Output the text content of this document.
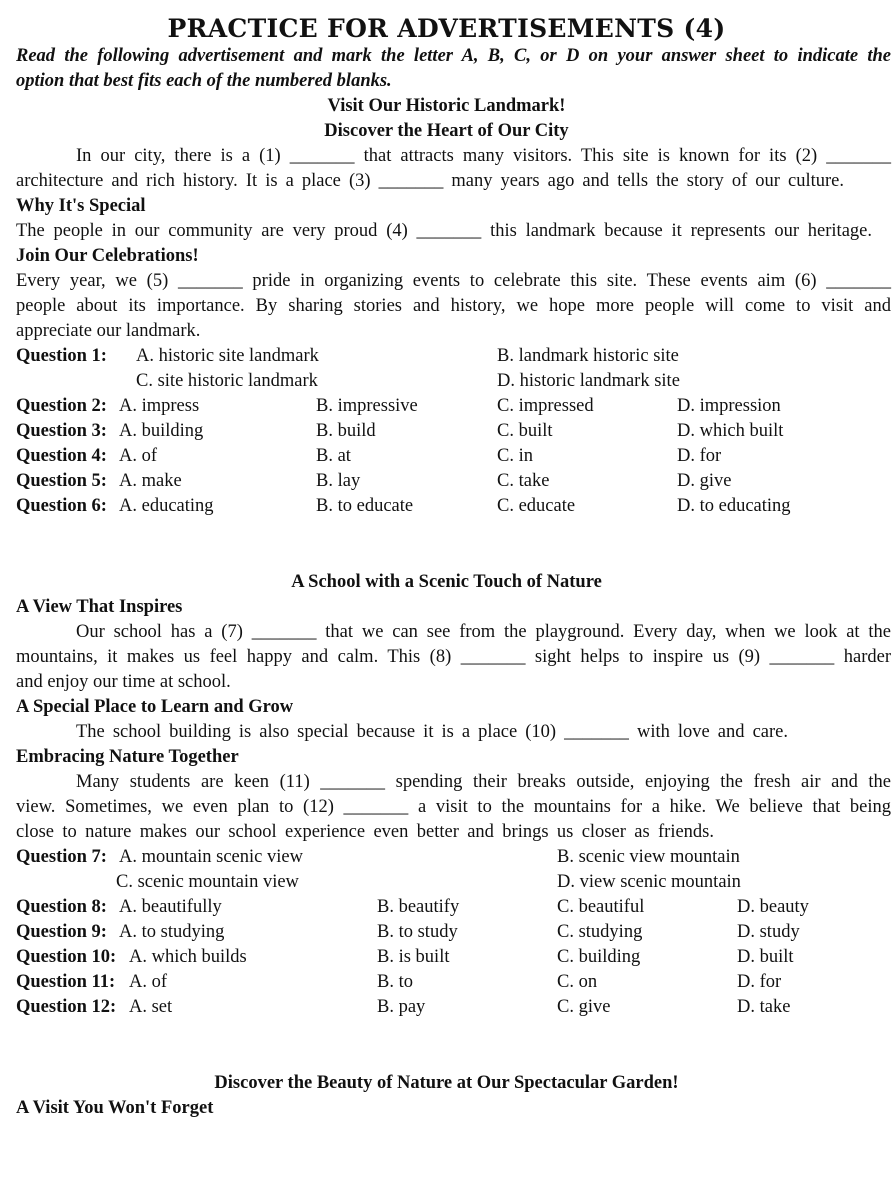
PRACTICE FOR ADVERTISEMENTS (4)
Read the following advertisement and mark the letter A, B, C, or D on your answer sheet to indicate the
option that best fits each of the numbered blanks.
Visit Our Historic Landmark!
Discover the Heart of Our City
In our city, there is a (1) _______ that attracts many visitors. This site is known for its (2) _______
architecture and rich history. It is a place (3) _______ many years ago and tells the story of our culture.
Why It's Special
The people in our community are very proud (4) _______ this landmark because it represents our heritage.
Join Our Celebrations!
Every year, we (5) _______ pride in organizing events to celebrate this site. These events aim (6) _______
people about its importance. By sharing stories and history, we hope more people will come to visit and
appreciate our landmark.
Question 1: A. historic site landmark	B. landmark historic site
C. site historic landmark	D. historic landmark site
Question 2: A. impress	B. impressive	C. impressed	D. impression
Question 3: A. building	B. build	C. built	D. which built
Question 4: A. of	B. at	C. in	D. for
Question 5: A. make	B. lay	C. take	D. give
Question 6: A. educating	B. to educate	C. educate	D. to educating
A School with a Scenic Touch of Nature
A View That Inspires
Our school has a (7) _______ that we can see from the playground. Every day, when we look at the
mountains, it makes us feel happy and calm. This (8) _______ sight helps to inspire us (9) _______ harder
and enjoy our time at school.
A Special Place to Learn and Grow
The school building is also special because it is a place (10) _______ with love and care.
Embracing Nature Together
Many students are keen (11) _______ spending their breaks outside, enjoying the fresh air and the
view. Sometimes, we even plan to (12) _______ a visit to the mountains for a hike. We believe that being
close to nature makes our school experience even better and brings us closer as friends.
Question 7: A. mountain scenic view	B. scenic view mountain
C. scenic mountain view	D. view scenic mountain
Question 8: A. beautifully	B. beautify	C. beautiful	D. beauty
Question 9: A. to studying	B. to study	C. studying	D. study
Question 10: A. which builds	B. is built	C. building	D. built
Question 11: A. of	B. to	C. on	D. for
Question 12: A. set	B. pay	C. give	D. take
Discover the Beauty of Nature at Our Spectacular Garden!
A Visit You Won't Forget
